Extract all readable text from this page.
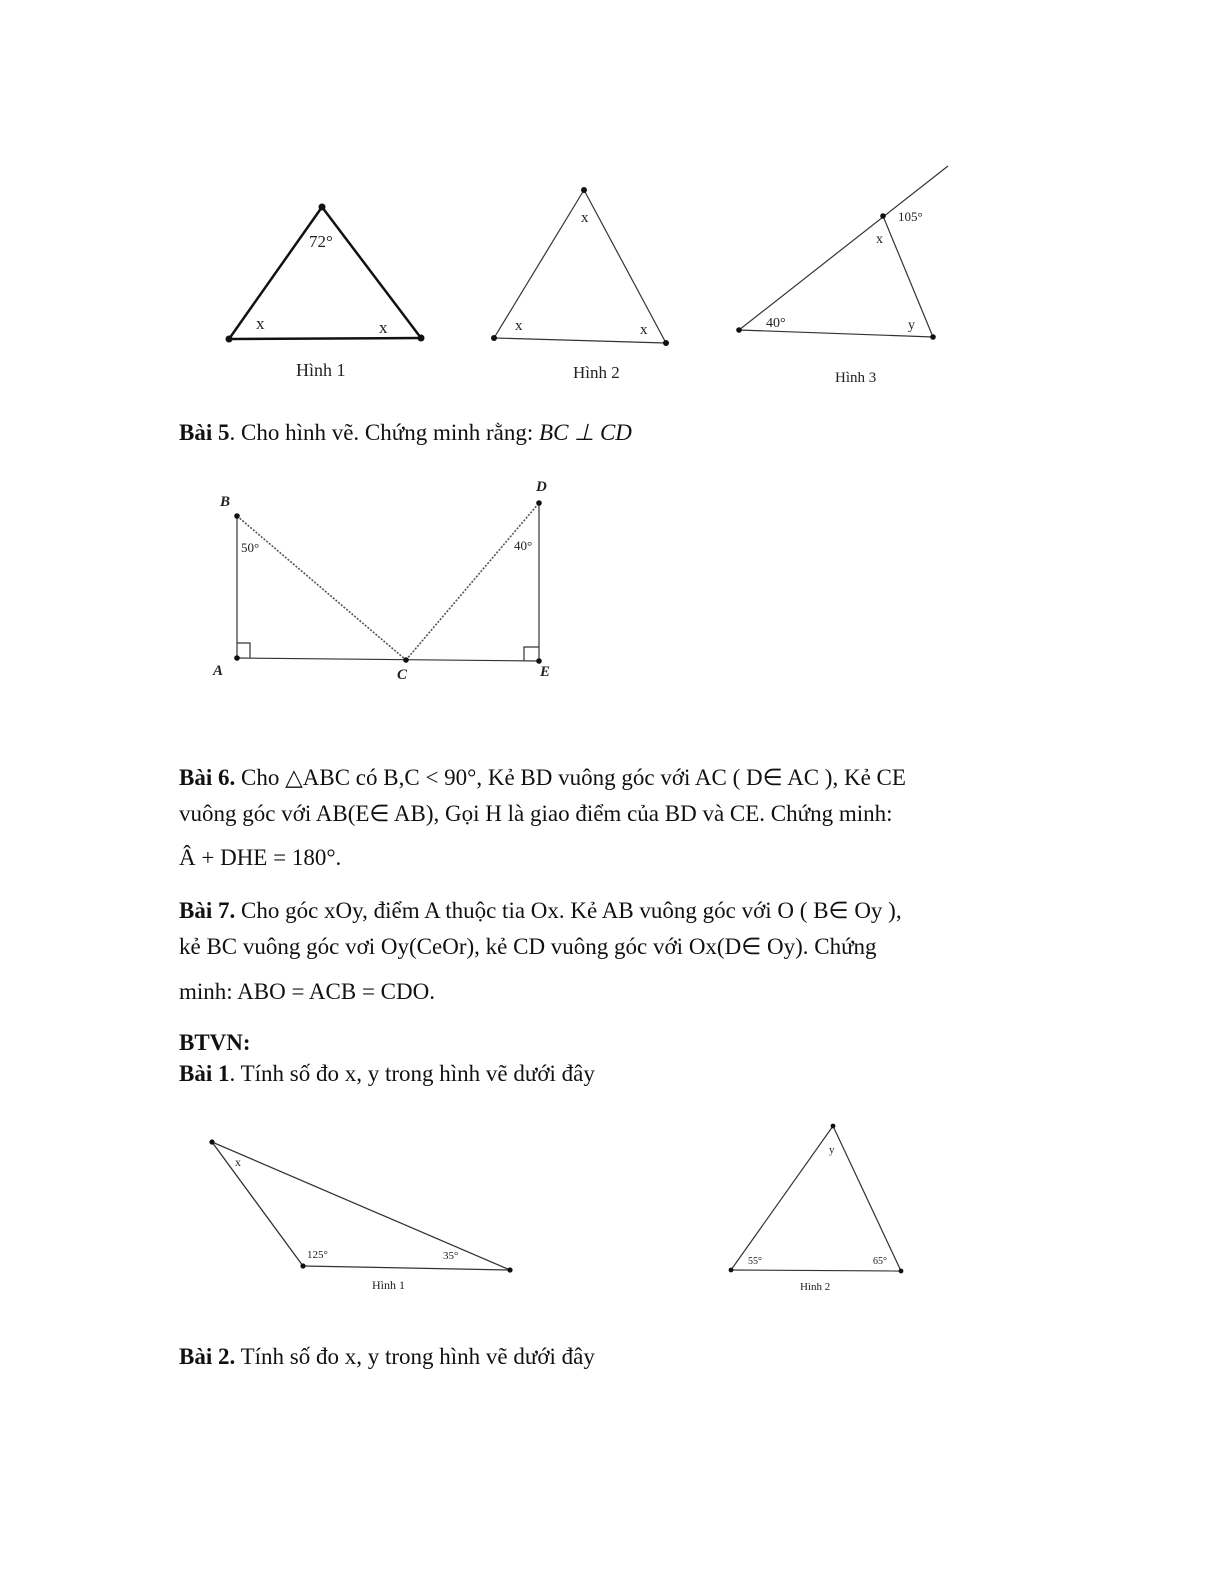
72°
x	x
Hình 1
x
x	x
Hình 2
105°
x
40°	y
Hình 3
Bài 5. Cho hình vẽ. Chứng minh rằng: BC ⊥ CD
B
D
A	C	E
50°	40°
Bài 6. Cho △ABC có B,C < 90°, Kẻ BD vuông góc với AC ( D∈ AC ), Kẻ CE
vuông góc với AB(E∈ AB), Gọi H là giao điểm của BD và CE. Chứng minh:
Â + DHE = 180°.
Bài 7. Cho góc xOy, điểm A thuộc tia Ox. Kẻ AB vuông góc với O ( B∈ Oy ),
kẻ BC vuông góc vơi Oy(CeOr), kẻ CD vuông góc với Ox(D∈ Oy). Chứng
minh: ABO = ACB = CDO.
BTVN:
Bài 1. Tính số đo x, y trong hình vẽ dưới đây
x
125°	35°
Hình 1
y
55°	65°
Hình 2
Bài 2. Tính số đo x, y trong hình vẽ dưới đây
